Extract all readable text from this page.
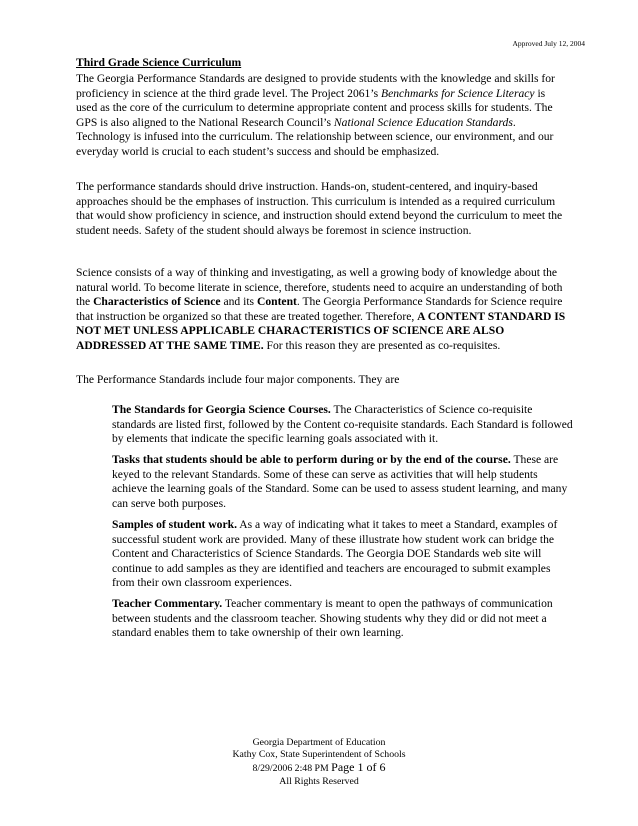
Approved July 12, 2004
Third Grade Science Curriculum
The Georgia Performance Standards are designed to provide students with the knowledge and skills for proficiency in science at the third grade level. The Project 2061’s Benchmarks for Science Literacy is used as the core of the curriculum to determine appropriate content and process skills for students. The GPS is also aligned to the National Research Council’s National Science Education Standards. Technology is infused into the curriculum. The relationship between science, our environment, and our everyday world is crucial to each student’s success and should be emphasized.
The performance standards should drive instruction. Hands-on, student-centered, and inquiry-based approaches should be the emphases of instruction. This curriculum is intended as a required curriculum that would show proficiency in science, and instruction should extend beyond the curriculum to meet the student needs. Safety of the student should always be foremost in science instruction.
Science consists of a way of thinking and investigating, as well a growing body of knowledge about the natural world. To become literate in science, therefore, students need to acquire an understanding of both the Characteristics of Science and its Content. The Georgia Performance Standards for Science require that instruction be organized so that these are treated together. Therefore, A CONTENT STANDARD IS NOT MET UNLESS APPLICABLE CHARACTERISTICS OF SCIENCE ARE ALSO ADDRESSED AT THE SAME TIME. For this reason they are presented as co-requisites.
The Performance Standards include four major components. They are
The Standards for Georgia Science Courses. The Characteristics of Science co-requisite standards are listed first, followed by the Content co-requisite standards. Each Standard is followed by elements that indicate the specific learning goals associated with it.
Tasks that students should be able to perform during or by the end of the course. These are keyed to the relevant Standards. Some of these can serve as activities that will help students achieve the learning goals of the Standard. Some can be used to assess student learning, and many can serve both purposes.
Samples of student work. As a way of indicating what it takes to meet a Standard, examples of successful student work are provided. Many of these illustrate how student work can bridge the Content and Characteristics of Science Standards. The Georgia DOE Standards web site will continue to add samples as they are identified and teachers are encouraged to submit examples from their own classroom experiences.
Teacher Commentary. Teacher commentary is meant to open the pathways of communication between students and the classroom teacher. Showing students why they did or did not meet a standard enables them to take ownership of their own learning.
Georgia Department of Education
Kathy Cox, State Superintendent of Schools
8/29/2006 2:48 PM Page 1 of 6
All Rights Reserved
